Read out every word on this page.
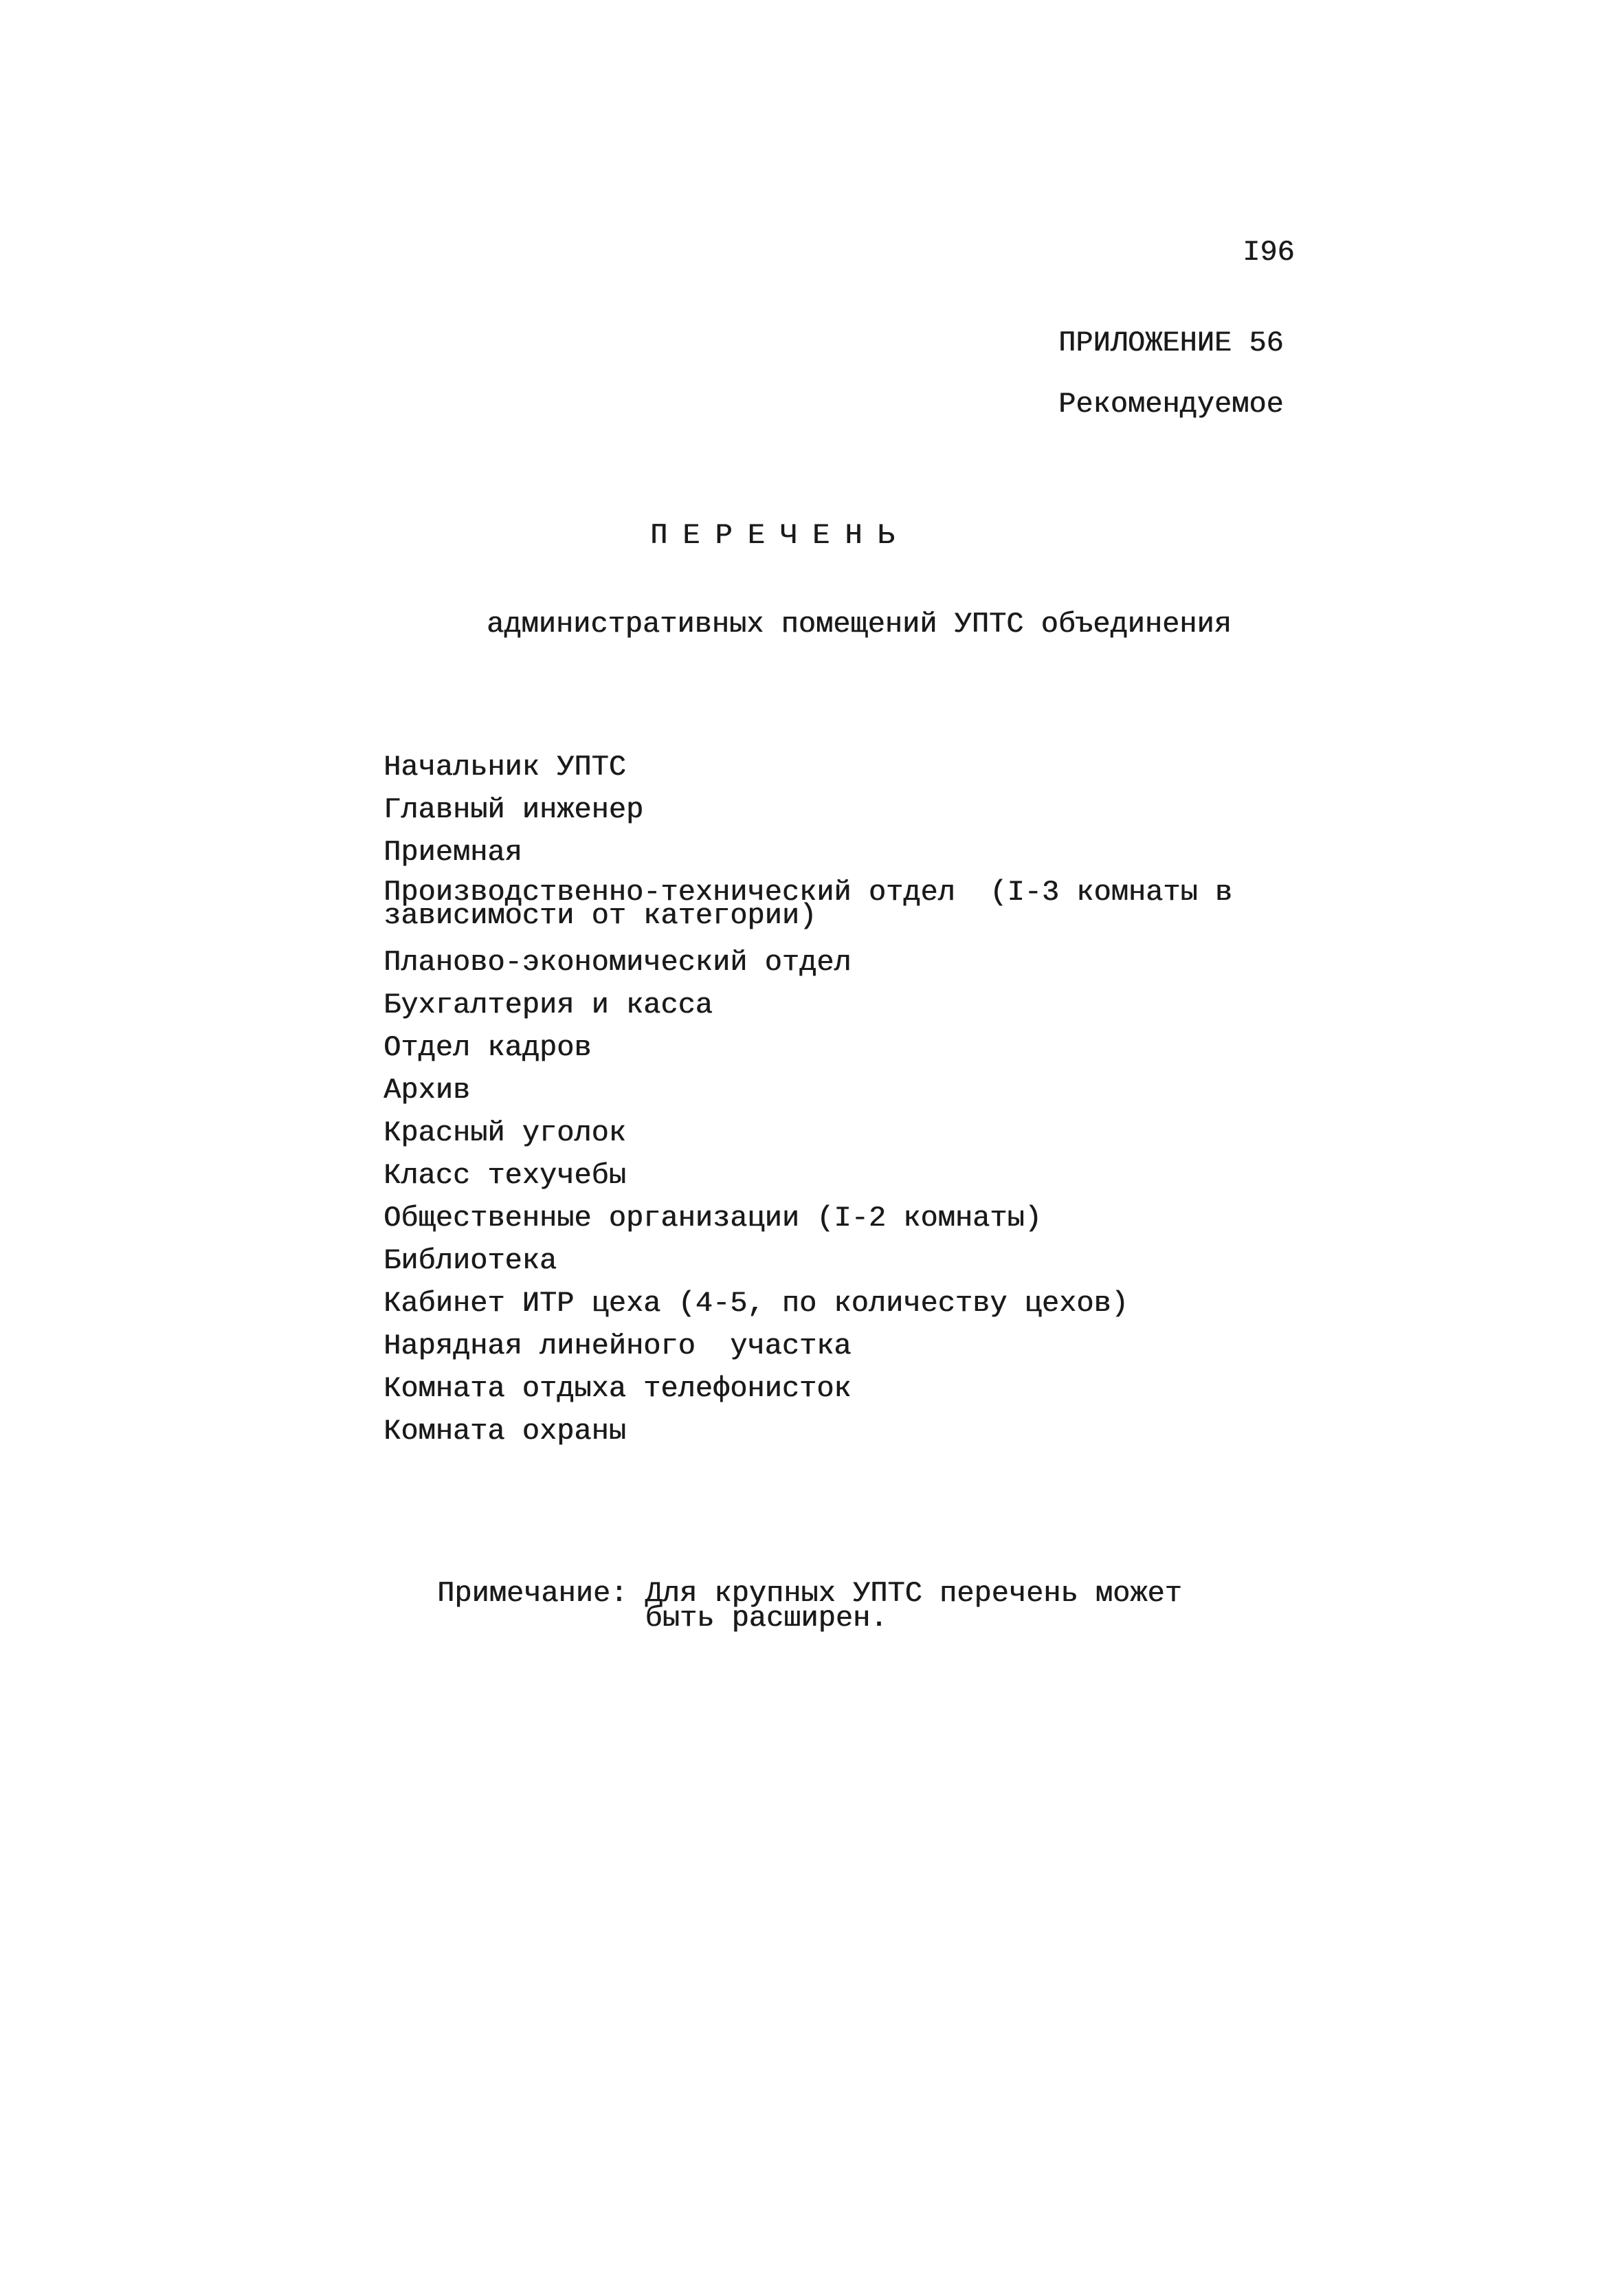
I96
ПРИЛОЖЕНИЕ 56
Рекомендуемое
ПЕРЕЧЕНЬ
административных помещений УПТС объединения
Начальник УПТС
Главный инженер
Приемная
Производственно-технический отдел  (I-3 комнаты в
зависимости от категории)
Планово-экономический отдел
Бухгалтерия и касса
Отдел кадров
Архив
Красный уголок
Класс техучебы
Общественные организации (I-2 комнаты)
Библиотека
Кабинет ИТР цеха (4-5, по количеству цехов)
Нарядная линейного  участка
Комната отдыха телефонисток
Комната охраны
Примечание: Для крупных УПТС перечень может
быть расширен.
